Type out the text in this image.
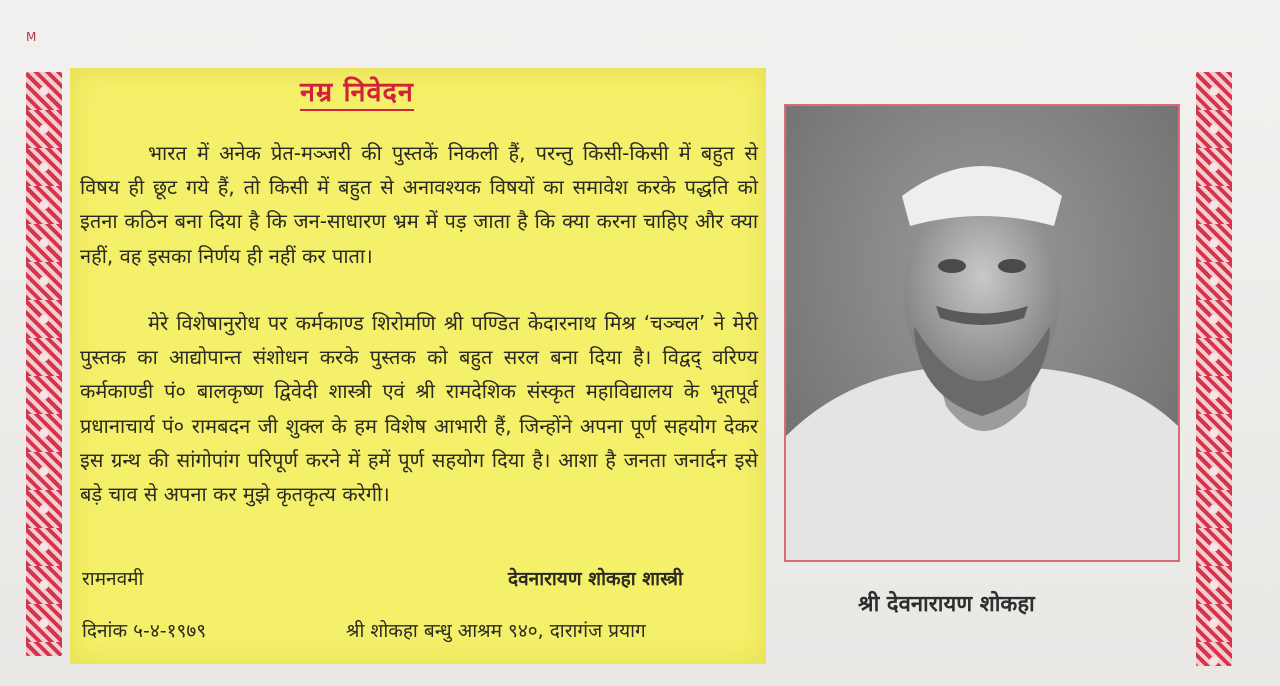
M
नम्र निवेदन

भारत में अनेक प्रेत-मञ्जरी की पुस्तकें निकली हैं, परन्तु किसी-किसी में बहुत से विषय ही छूट गये हैं, तो किसी में बहुत से अनावश्यक विषयों का समावेश करके पद्धति को इतना कठिन बना दिया है कि जन-साधारण भ्रम में पड़ जाता है कि क्या करना चाहिए और क्या नहीं, वह इसका निर्णय ही नहीं कर पाता।

मेरे विशेषानुरोध पर कर्मकाण्ड शिरोमणि श्री पण्डित केदारनाथ मिश्र ‘चञ्चल’ ने मेरी पुस्तक का आद्योपान्त संशोधन करके पुस्तक को बहुत सरल बना दिया है। विद्वद् वरिण्य कर्मकाण्डी पं० बालकृष्ण द्विवेदी शास्त्री एवं श्री रामदेशिक संस्कृत महाविद्यालय के भूतपूर्व प्रधानाचार्य पं० रामबदन जी शुक्ल के हम विशेष आभारी हैं, जिन्होंने अपना पूर्ण सहयोग देकर इस ग्रन्थ की सांगोपांग परिपूर्ण करने में हमें पूर्ण सहयोग दिया है। आशा है जनता जनार्दन इसे बड़े चाव से अपना कर मुझे कृतकृत्य करेगी।

रामनवमी
दिनांक ५-४-१९७९
देवनारायण शोकहा शास्त्री
श्री शोकहा बन्धु आश्रम ९४०, दारागंज प्रयाग
श्री देवनारायण शोकहा
